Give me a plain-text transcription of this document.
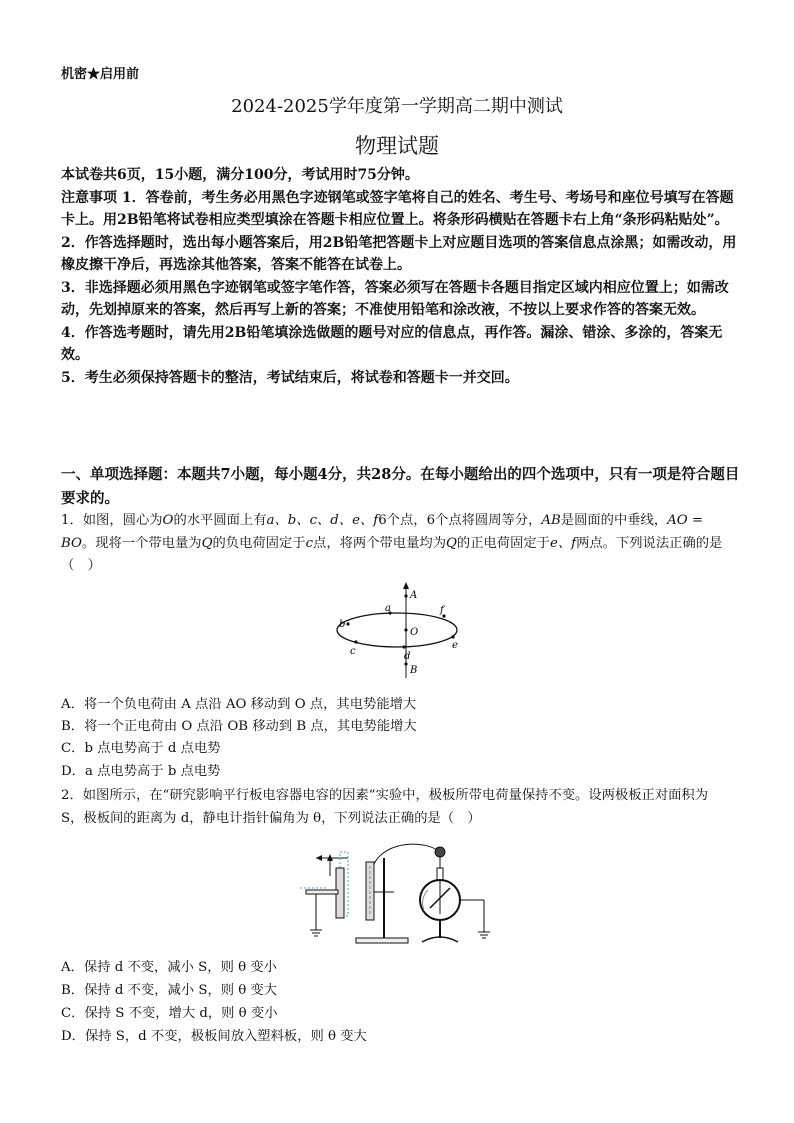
机密★启用前
2024-2025学年度第一学期高二期中测试
物理试题

本试卷共6页，15小题，满分100分，考试用时75分钟。

注意事项 1．答卷前，考生务必用黑色字迹钢笔或签字笔将自己的姓名、考生号、考场号和座位号填写在答题卡上。用2B铅笔将试卷相应类型填涂在答题卡相应位置上。将条形码横贴在答题卡右上角“条形码粘贴处”。

2．作答选择题时，选出每小题答案后，用2B铅笔把答题卡上对应题目选项的答案信息点涂黑；如需改动，用橡皮擦干净后，再选涂其他答案，答案不能答在试卷上。

3．非选择题必须用黑色字迹钢笔或签字笔作答，答案必须写在答题卡各题目指定区域内相应位置上；如需改动，先划掉原来的答案，然后再写上新的答案；不准使用铅笔和涂改液，不按以上要求作答的答案无效。

4．作答选考题时，请先用2B铅笔填涂选做题的题号对应的信息点，再作答。漏涂、错涂、多涂的，答案无效。

5．考生必须保持答题卡的整洁，考试结束后，将试卷和答题卡一并交回。

一、单项选择题：本题共7小题，每小题4分，共28分。在每小题给出的四个选项中，只有一项是符合题目要求的。

1．如图，圆心为O的水平圆面上有a、b、c、d、e、f6个点，6个点将圆周等分，AB是圆面的中垂线，AO = BO。现将一个带电量为Q的负电荷固定于c点，将两个带电量均为Q的正电荷固定于e、f两点。下列说法正确的是（　）

A
O
B
a	f
b
c	d
e
A．将一个负电荷由 A 点沿 AO 移动到 O 点，其电势能增大
B．将一个正电荷由 O 点沿 OB 移动到 B 点，其电势能增大
C．b 点电势高于 d 点电势
D．a 点电势高于 b 点电势

2．如图所示，在“研究影响平行板电容器电容的因素”实验中，极板所带电荷量保持不变。设两极板正对面积为

S，极板间的距离为 d，静电计指针偏角为 θ，下列说法正确的是（　）

A．保持 d 不变，减小 S，则 θ 变小
B．保持 d 不变，减小 S，则 θ 变大
C．保持 S 不变，增大 d，则 θ 变小
D．保持 S，d 不变，极板间放入塑料板，则 θ 变大
